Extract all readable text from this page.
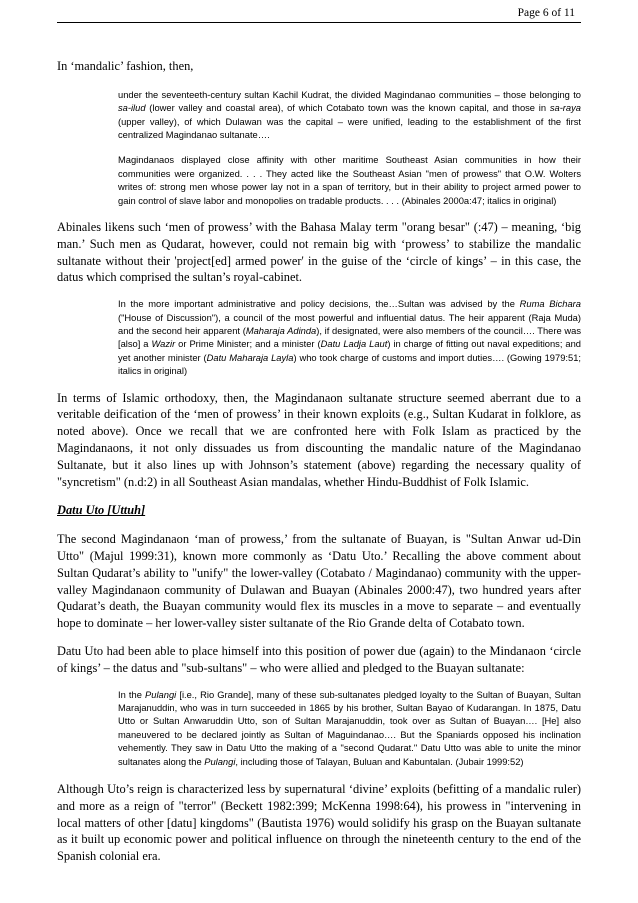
Page 6 of 11

In ‘mandalic’ fashion, then,

under the seventeeth-century sultan Kachil Kudrat, the divided Magindanao communities – those belonging to sa-ilud (lower valley and coastal area), of which Cotabato town was the known capital, and those in sa-raya (upper valley), of which Dulawan was the capital – were unified, leading to the establishment of the first centralized Magindanao sultanate….

Magindanaos displayed close affinity with other maritime Southeast Asian communities in how their communities were organized. . . . They acted like the Southeast Asian "men of prowess" that O.W. Wolters writes of: strong men whose power lay not in a span of territory, but in their ability to project armed power to gain control of slave labor and monopolies on tradable products. . . . (Abinales 2000a:47; italics in original)

Abinales likens such ‘men of prowess’ with the Bahasa Malay term "orang besar" (:47) – meaning, ‘big man.’ Such men as Qudarat, however, could not remain big with ‘prowess’ to stabilize the mandalic sultanate without their 'project[ed] armed power' in the guise of the ‘circle of kings’ – in this case, the datus which comprised the sultan’s royal-cabinet.

In the more important administrative and policy decisions, the…Sultan was advised by the Ruma Bichara ("House of Discussion"), a council of the most powerful and influential datus. The heir apparent (Raja Muda) and the second heir apparent (Maharaja Adinda), if designated, were also members of the council…. There was [also] a Wazir or Prime Minister; and a minister (Datu Ladja Laut) in charge of fitting out naval expeditions; and yet another minister (Datu Maharaja Layla) who took charge of customs and import duties…. (Gowing 1979:51; italics in original)

In terms of Islamic orthodoxy, then, the Magindanaon sultanate structure seemed aberrant due to a veritable deification of the ‘men of prowess’ in their known exploits (e.g., Sultan Kudarat in folklore, as noted above). Once we recall that we are confronted here with Folk Islam as practiced by the Magindanaons, it not only dissuades us from discounting the mandalic nature of the Magindanao Sultanate, but it also lines up with Johnson’s statement (above) regarding the necessary quality of "syncretism" (n.d:2) in all Southeast Asian mandalas, whether Hindu-Buddhist of Folk Islamic.

Datu Uto [Uttuh]

The second Magindanaon ‘man of prowess,’ from the sultanate of Buayan, is "Sultan Anwar ud-Din Utto" (Majul 1999:31), known more commonly as ‘Datu Uto.’ Recalling the above comment about Sultan Qudarat’s ability to "unify" the lower-valley (Cotabato / Magindanao) community with the upper-valley Magindanaon community of Dulawan and Buayan (Abinales 2000:47), two hundred years after Qudarat’s death, the Buayan community would flex its muscles in a move to separate – and eventually hope to dominate – her lower-valley sister sultanate of the Rio Grande delta of Cotabato town.

Datu Uto had been able to place himself into this position of power due (again) to the Mindanaon ‘circle of kings’ – the datus and "sub-sultans" – who were allied and pledged to the Buayan sultanate:

In the Pulangi [i.e., Rio Grande], many of these sub-sultanates pledged loyalty to the Sultan of Buayan, Sultan Marajanuddin, who was in turn succeeded in 1865 by his brother, Sultan Bayao of Kudarangan. In 1875, Datu Utto or Sultan Anwaruddin Utto, son of Sultan Marajanuddin, took over as Sultan of Buayan…. [He] also maneuvered to be declared jointly as Sultan of Maguindanao…. But the Spaniards opposed his inclination vehemently. They saw in Datu Utto the making of a "second Qudarat." Datu Utto was able to unite the minor sultanates along the Pulangi, including those of Talayan, Buluan and Kabuntalan. (Jubair 1999:52)

Although Uto’s reign is characterized less by supernatural ‘divine’ exploits (befitting of a mandalic ruler) and more as a reign of "terror" (Beckett 1982:399; McKenna 1998:64), his prowess in "intervening in local matters of other [datu] kingdoms" (Bautista 1976) would solidify his grasp on the Buayan sultanate as it built up economic power and political influence on through the nineteenth century to the end of the Spanish colonial era.
